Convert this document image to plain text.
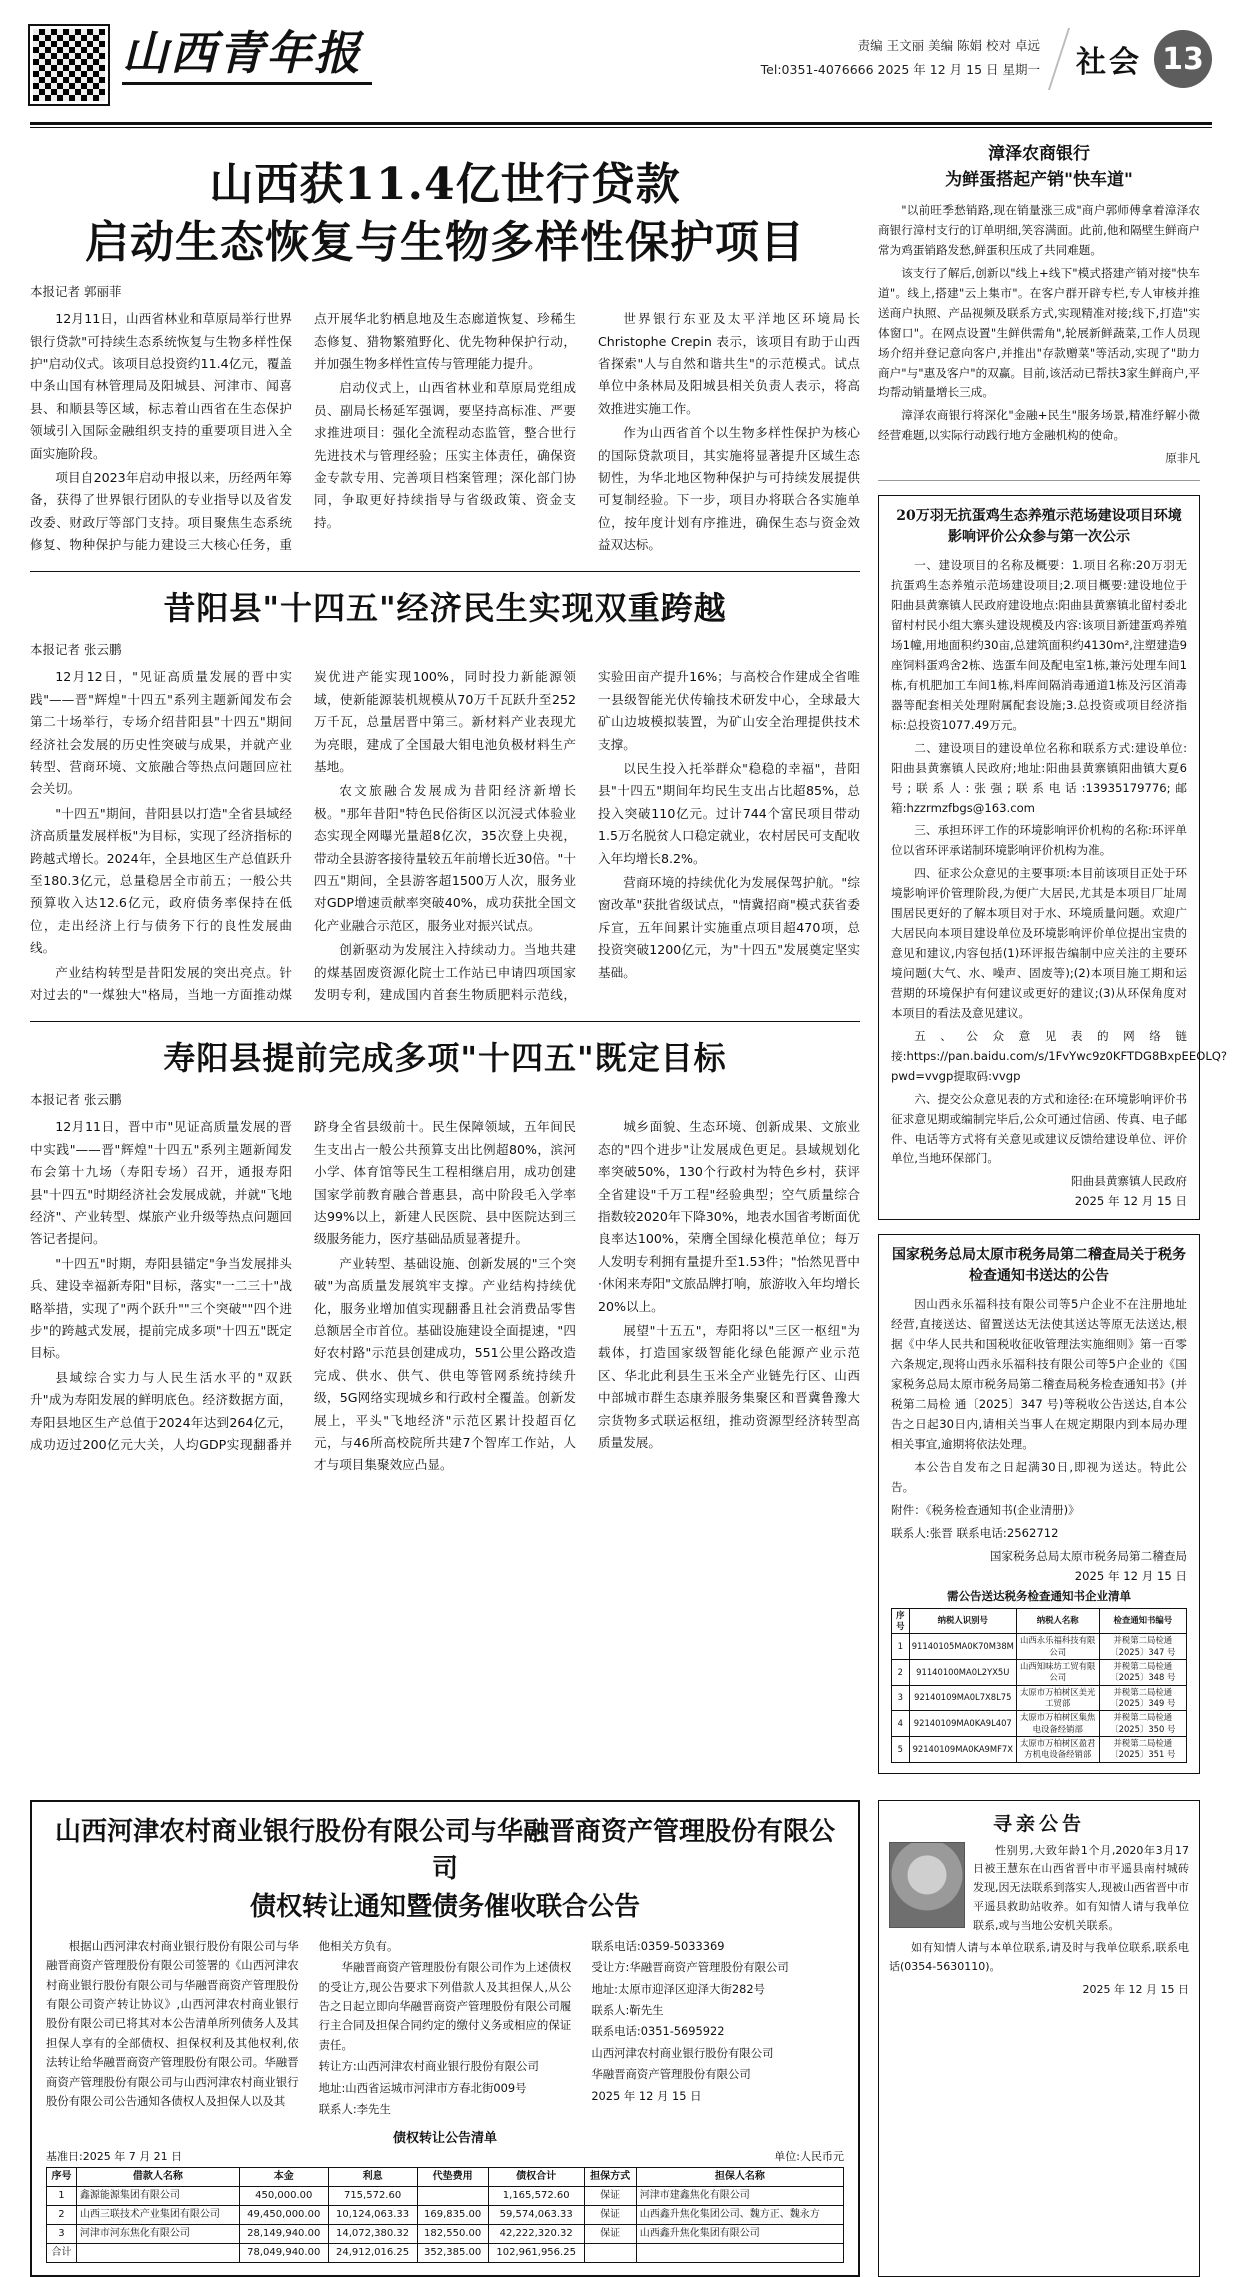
山西青年报	责编 王文丽 美编 陈娟 校对 卓远
Tel:0351-4076666 2025 年 12 月 15 日 星期一 社会 13
山西获11.4亿世行贷款
启动生态恢复与生物多样性保护项目
本报记者 郭丽菲

12月11日，山西省林业和草原局举行世界银行贷款"可持续生态系统恢复与生物多样性保护"启动仪式。该项目总投资约11.4亿元，覆盖中条山国有林管理局及阳城县、河津市、闻喜县、和顺县等区域，标志着山西省在生态保护领域引入国际金融组织支持的重要项目进入全面实施阶段。

项目自2023年启动申报以来，历经两年筹备，获得了世界银行团队的专业指导以及省发改委、财政厅等部门支持。项目聚焦生态系统修复、物种保护与能力建设三大核心任务，重点开展华北豹栖息地及生态廊道恢复、珍稀生态修复、猎物繁殖野化、优先物种保护行动，并加强生物多样性宣传与管理能力提升。

启动仪式上，山西省林业和草原局党组成员、副局长杨延军强调，要坚持高标准、严要求推进项目：强化全流程动态监管，整合世行先进技术与管理经验；压实主体责任，确保资金专款专用、完善项目档案管理；深化部门协同，争取更好持续指导与省级政策、资金支持。

世界银行东亚及太平洋地区环境局长 Christophe Crepin 表示，该项目有助于山西省探索"人与自然和谐共生"的示范模式。试点单位中条林局及阳城县相关负责人表示，将高效推进实施工作。

作为山西省首个以生物多样性保护为核心的国际贷款项目，其实施将显著提升区域生态韧性，为华北地区物种保护与可持续发展提供可复制经验。下一步，项目办将联合各实施单位，按年度计划有序推进，确保生态与资金效益双达标。

昔阳县"十四五"经济民生实现双重跨越
本报记者 张云鹏

12月12日，"见证高质量发展的晋中实践"——晋"辉煌"十四五"系列主题新闻发布会第二十场举行，专场介绍昔阳县"十四五"期间经济社会发展的历史性突破与成果，并就产业转型、营商环境、文旅融合等热点问题回应社会关切。

"十四五"期间，昔阳县以打造"全省县域经济高质量发展样板"为目标，实现了经济指标的跨越式增长。2024年，全县地区生产总值跃升至180.3亿元，总量稳居全市前五；一般公共预算收入达12.6亿元，政府债务率保持在低位，走出经济上行与债务下行的良性发展曲线。

产业结构转型是昔阳发展的突出亮点。针对过去的"一煤独大"格局，当地一方面推动煤炭优进产能实现100%，同时投力新能源领域，使新能源装机规模从70万千瓦跃升至252万千瓦，总量居晋中第三。新材料产业表现尤为亮眼，建成了全国最大钼电池负极材料生产基地。

农文旅融合发展成为昔阳经济新增长极。"那年昔阳"特色民俗街区以沉浸式体验业态实现全网曝光量超8亿次，35次登上央视，带动全县游客接待量较五年前增长近30倍。"十四五"期间，全县游客超1500万人次，服务业对GDP增速贡献率突破40%，成功获批全国文化产业融合示范区，服务业对振兴试点。

创新驱动为发展注入持续动力。当地共建的煤基固废资源化院士工作站已申请四项国家发明专利，建成国内首套生物质肥料示范线，实验田亩产提升16%；与高校合作建成全省唯一县级智能光伏传输技术研发中心，全球最大矿山边坡模拟装置，为矿山安全治理提供技术支撑。

以民生投入托举群众"稳稳的幸福"，昔阳县"十四五"期间年均民生支出占比超85%，总投入突破110亿元。过计744个富民项目带动1.5万名脱贫人口稳定就业，农村居民可支配收入年均增长8.2%。

营商环境的持续优化为发展保驾护航。"综窗改革"获批省级试点，"情冀招商"模式获省委斥宣，五年间累计实施重点项目超470项，总投资突破1200亿元，为"十四五"发展奠定坚实基础。

寿阳县提前完成多项"十四五"既定目标
本报记者 张云鹏

12月11日，晋中市"见证高质量发展的晋中实践"——晋"辉煌"十四五"系列主题新闻发布会第十九场（寿阳专场）召开，通报寿阳县"十四五"时期经济社会发展成就，并就"飞地经济"、产业转型、煤旅产业升级等热点问题回答记者提问。

"十四五"时期，寿阳县锚定"争当发展排头兵、建设幸福新寿阳"目标，落实"一二三十"战略举措，实现了"两个跃升""三个突破""四个进步"的跨越式发展，提前完成多项"十四五"既定目标。

县域综合实力与人民生活水平的"双跃升"成为寿阳发展的鲜明底色。经济数据方面，寿阳县地区生产总值于2024年达到264亿元，成功迈过200亿元大关，人均GDP实现翻番并跻身全省县级前十。民生保障领域，五年间民生支出占一般公共预算支出比例超80%，滨河小学、体育馆等民生工程相继启用，成功创建国家学前教育融合普惠县，高中阶段毛入学率达99%以上，新建人民医院、县中医院达到三级服务能力，医疗基础品质显著提升。

产业转型、基础设施、创新发展的"三个突破"为高质量发展筑牢支撑。产业结构持续优化，服务业增加值实现翻番且社会消费品零售总额居全市首位。基础设施建设全面提速，"四好农村路"示范县创建成功，551公里公路改造完成、供水、供气、供电等管网系统持续升级，5G网络实现城乡和行政村全覆盖。创新发展上，平头"飞地经济"示范区累计投超百亿元，与46所高校院所共建7个智库工作站，人才与项目集聚效应凸显。

城乡面貌、生态环境、创新成果、文旅业态的"四个进步"让发展成色更足。县域规划化率突破50%，130个行政村为特色乡村，获评全省建设"千万工程"经验典型；空气质量综合指数较2020年下降30%，地表水国省考断面优良率达100%，荣膺全国绿化模范单位；每万人发明专利拥有量提升至1.53件；"怡然见晋中·休闲来寿阳"文旅品牌打响，旅游收入年均增长20%以上。

展望"十五五"，寿阳将以"三区一枢纽"为载体，打造国家级智能化绿色能源产业示范区、华北此利县生玉米全产业链先行区、山西中部城市群生态康养服务集聚区和晋冀鲁豫大宗货物多式联运枢纽，推动资源型经济转型高质量发展。

漳泽农商银行
为鲜蛋搭起产销"快车道"

"以前旺季愁销路,现在销量涨三成"商户郭师傅拿着漳泽农商银行漳村支行的订单明细,笑容满面。此前,他和隔壁生鲜商户常为鸡蛋销路发愁,鲜蛋积压成了共同难题。

该支行了解后,创新以"线上+线下"模式搭建产销对接"快车道"。线上,搭建"云上集市"。在客户群开辟专栏,专人审核并推送商户执照、产品视频及联系方式,实现精准对接;线下,打造"实体窗口"。在网点设置"生鲜供需角",轮展新鲜蔬菜,工作人员现场介绍并登记意向客户,并推出"存款赠菜"等活动,实现了"助力商户"与"惠及客户"的双赢。目前,该活动已帮扶3家生鲜商户,平均帮动销量增长三成。

漳泽农商银行将深化"金融+民生"服务场景,精准纾解小微经营难题,以实际行动践行地方金融机构的使命。

原非凡
20万羽无抗蛋鸡生态养殖示范场建设项目环境影响评价公众参与第一次公示

一、建设项目的名称及概要：1.项目名称:20万羽无抗蛋鸡生态养殖示范场建设项目;2.项目概要:建设地位于阳曲县黄寨镇人民政府建设地点:阳曲县黄寨镇北留村委北留村村民小组大寨头建设规模及内容:该项目新建蛋鸡养殖场1幢,用地面积约30亩,总建筑面积约4130m²,注塑建造9座饲料蛋鸡舍2栋、选蛋车间及配电室1栋,兼污处理车间1栋,有机肥加工车间1栋,料库间隔消毒通道1栋及污区消毒器等配套相关处理附属配套设施;3.总投资或项目经济指标:总投资1077.49万元。

二、建设项目的建设单位名称和联系方式:建设单位:阳曲县黄寨镇人民政府;地址:阳曲县黄寨镇阳曲镇大夏6号;联系人:张强;联系电话:13935179776;邮箱:hzzrmzfbgs@163.com

三、承担环评工作的环境影响评价机构的名称:环评单位以省环评承诺制环境影响评价机构为准。

四、征求公众意见的主要事项:本目前该项目正处于环境影响评价管理阶段,为便广大居民,尤其是本项目厂址周围居民更好的了解本项目对于水、环境质量问题。欢迎广大居民向本项目建设单位及环境影响评价单位提出宝贵的意见和建议,内容包括(1)环评报告编制中应关注的主要环境问题(大气、水、噪声、固废等);(2)本项目施工期和运营期的环境保护有何建议或更好的建议;(3)从环保角度对本项目的看法及意见建议。

五、公众意见表的网络链接:https://pan.baidu.com/s/1FvYwc9z0KFTDG8BxpEEOLQ?pwd=vvgp提取码:vvgp

六、提交公众意见表的方式和途径:在环境影响评价书征求意见期或编制完毕后,公众可通过信函、传真、电子邮件、电话等方式将有关意见或建议反馈给建设单位、评价单位,当地环保部门。

阳曲县黄寨镇人民政府
2025 年 12 月 15 日
国家税务总局太原市税务局第二稽查局关于税务检查通知书送达的公告

因山西永乐福科技有限公司等5户企业不在注册地址经营,直接送达、留置送达无法使其送达等原无法送达,根据《中华人民共和国税收征收管理法实施细则》第一百零六条规定,现将山西永乐福科技有限公司等5户企业的《国家税务总局太原市税务局第二稽查局税务检查通知书》(并税第二局检 通〔2025〕347 号)等税收公告送达,自本公告之日起30日内,请相关当事人在规定期限内到本局办理相关事宜,逾期将依法处理。

本公告自发布之日起满30日,即视为送达。特此公告。

附件：《税务检查通知书(企业清册)》

联系人:张晋 联系电话:2562712

国家税务总局太原市税务局第二稽查局
2025 年 12 月 15 日
需公告送达税务检查通知书企业清单
序号	纳税人识别号	纳税人名称	检查通知书编号
1	91140105MA0K70M38M	山西永乐福科技有限公司	并税第二局检通〔2025〕347 号
2	91140100MA0L2YX5U	山西知味坊工贸有限公司	并税第二局检通〔2025〕348 号
3	92140109MA0L7X8L75	太原市万柏树区美光工贸部	并税第二局检通〔2025〕349 号
4	92140109MA0KA9L407	太原市万柏树区集焦电设备经销部	并税第二局检通〔2025〕350 号
5	92140109MA0KA9MF7X	太原市万柏树区盈君方机电设备经销部	并税第二局检通〔2025〕351 号
山西河津农村商业银行股份有限公司与华融晋商资产管理股份有限公司
债权转让通知暨债务催收联合公告

根据山西河津农村商业银行股份有限公司与华融晋商资产管理股份有限公司签署的《山西河津农村商业银行股份有限公司与华融晋商资产管理股份有限公司资产转让协议》,山西河津农村商业银行股份有限公司已将其对本公告清单所列债务人及其担保人享有的全部债权、担保权利及其他权利,依法转让给华融晋商资产管理股份有限公司。华融晋商资产管理股份有限公司与山西河津农村商业银行股份有限公司公告通知各债权人及担保人以及其

他相关方负有。

华融晋商资产管理股份有限公司作为上述债权的受让方,现公告要求下列借款人及其担保人,从公告之日起立即向华融晋商资产管理股份有限公司履行主合同及担保合同约定的缴付义务或相应的保证责任。

转让方:山西河津农村商业银行股份有限公司

地址:山西省运城市河津市方春北街009号

联系人:李先生

联系电话:0359-5033369

受让方:华融晋商资产管理股份有限公司

地址:太原市迎泽区迎泽大街282号

联系人:靳先生

联系电话:0351-5695922

山西河津农村商业银行股份有限公司

华融晋商资产管理股份有限公司

2025 年 12 月 15 日

债权转让公告清单
基准日:2025 年 7 月 21 日	单位:人民币元
序号	借款人名称	本金	利息	代垫费用	债权合计	担保方式	担保人名称
1	鑫源能源集团有限公司	450,000.00	715,572.60		1,165,572.60	保证	河津市建鑫焦化有限公司
2	山西三联技术产业集团有限公司	49,450,000.00	10,124,063.33	169,835.00	59,574,063.33	保证	山西鑫升焦化集团公司、魏方正、魏永方
3	河津市河东焦化有限公司	28,149,940.00	14,072,380.32	182,550.00	42,222,320.32	保证	山西鑫升焦化集团有限公司
合计		78,049,940.00	24,912,016.25	352,385.00	102,961,956.25		
寻亲公告

性别男,大致年龄1个月,2020年3月17日被王慧东在山西省晋中市平遥县南村城砖发现,因无法联系到落实人,现被山西省晋中市平遥县救助站收养。如有知情人请与我单位联系,或与当地公安机关联系。

如有知情人请与本单位联系,请及时与我单位联系,联系电话(0354-5630110)。

2025 年 12 月 15 日
